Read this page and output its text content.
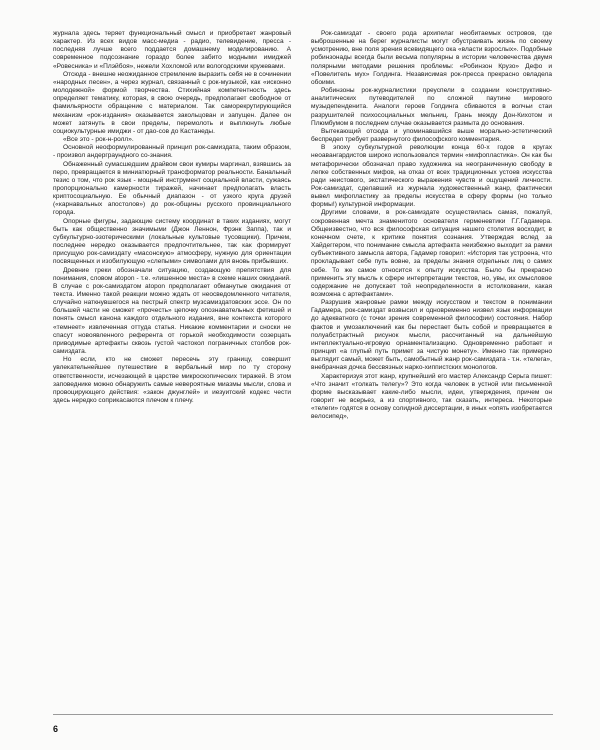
журнала здесь теряет функциональный смысл и приобретает жанровый характер. Из всех видов масс-медиа - радио, телевидение, пресса - последняя лучше всего поддается домашнему моделированию. А современное подсознание гораздо более забито модными имиджей «Ровесника» и «Плэйбоя», нежели Хохломой или вологодскими кружевами.

Отсюда - внешне неожиданное стремление выразить себя не в сочинении «народных песен», а через журнал, связанный с рок-музыкой, как «исконно молодежной» формой творчества. Стихийная компетентность здесь определяет тематику, которая, в свою очередь, предполагает свободное от фамильярности обращение с материалом. Так саморекрутирующийся механизм «рок-издания» оказывается закольцован и запущен. Далее он может затянуть в свои пределы, перемолоть и выплюнуть любые социокультурные имиджи - от дао-сов до Кастанеды.

«Все это - рок-н-ролл».

Основной неоформулированный принцип рок-самиздата, таким образом, - произвол андерграундного со-знания.

Обнаженный сумасшедшим драйвом свои кумиры маргинал, взявшись за перо, превращается в миниатюрный трансформатор реальности. Банальный тезис о том, что рок язык - мощный инструмент социальной власти, сужаясь пропорционально камерности тиражей, начинает предполагать власть криптосоциальную. Ее обычный диапазон - от узкого круга друзей («карнавальных апостолов») до рок-общины русского провинциального города.

Опорные фигуры, задающие систему координат в таких изданиях, могут быть как общественно значимыми (Джон Леннон, Фрэнк Заппа), так и субкультурно-эзотерическими (локальные культовые тусовщики). Причем, последнее нередко оказывается предпочтительнее, так как формирует присущую рок-самиздату «масонскую» атмосферу, нужную для ориентации посвященных и изобилующую «слепыми» символами для вновь прибывших.

Древние греки обозначали ситуацию, создающую препятствия для понимания, словом atopon - т.е. «лишенное места» в схеме наших ожиданий. В случае с рок-самиздатом atopon предполагает обманутые ожидания от текста. Именно такой реакции можно ждать от неосведомленного читателя, случайно наткнувшегося на пестрый спектр музсамиздатовских эссе. Он по большей части не сможет «прочесть» цепочку опознавательных фетишей и понять смысл канона каждого отдельного издания, вне контекста которого «темнеет» извлеченная оттуда статья. Никакие комментарии и сноски не спасут новоявленного референта от горькой необходимости созерцать приводимые артефакты сквозь густой частокол пограничных столбов рок-самиздата.

Но если, кто не сможет пересечь эту границу, совершит увлекательнейшее путешествие в вербальный мир по ту сторону ответственности, исчезающей в царстве микроскопических тиражей. В этом заповеднике можно обнаружить самые невероятные миазмы мысли, слова и провоцирующего действия: «закон джунглей» и иезуитский кодекс чести здесь нередко соприкасаются плечом к плечу.

Рок-самиздат - своего рода архипелаг необитаемых островов, где выброшенные на берег журналисты могут обустраивать жизнь по своему усмотрению, вне поля зрения всевидящего ока «власти взрослых». Подобные робинзонады всегда были весьма популярны в истории человечества двумя полярными методами решения проблемы: «Робинзон Крузо» Дефо и «Повелитель мух» Голдинга. Независимая рок-пресса прекрасно овладела обоими.

Робинзоны рок-журналистики преуспели в создании конструктивно-аналитических путеводителей по сложной паутине мирового музыдепенденита. Аналоги героев Голдинга сбиваются в волчьи стаи разрушителей психосоциальных мельниц. Грань между Дон-Кихотом и Плюмбумом в последнем случае оказывается размыта до основания.

Вытекающий отсюда и упоминавшийся выше морально-эстетический беспредел требует развернутого философского комментария.

В эпоху субкультурной революции конца 60-х годов в кругах неоавангардистов широко использовался термин «мифопластика». Он как бы метафорически обозначал право художника на неограниченную свободу в лепке собственных мифов, на отказ от всех традиционных устоев искусства ради неистового, экстатического выражения чувств и ощущений личности. Рок-самиздат, сделавший из журнала художественный жанр, фактически вывел мифопластику за пределы искусства в сферу формы (но только формы!) культурной информации.

Другими словами, в рок-самиздате осуществилась самая, пожалуй, сокровенная мечта знаменитого основателя герменевтики Г.Г.Гадамера. Общеизвестно, что вся философская ситуация нашего столетия восходит, в конечном счете, к критике понятия сознания. Утверждая вслед за Хайдеггером, что понимание смысла артефакта неизбежно выходит за рамки субъективного замысла автора, Гадамер говорил: «История так устроена, что прокладывает себе путь вовне, за пределы знания отдельных лиц о самих себе. То же самое относится к опыту искусства. Было бы прекрасно применить эту мысль к сфере интерпретации текстов, но, увы, их смысловое содержание не допускает той неопределенности в истолковании, какая возможна с артефактами».

Разрушив жанровые рамки между искусством и текстом в понимании Гадамера, рок-самиздат возвысил и одновременно низвел язык информации до адекватного (с точки зрения современной философии) состояния. Набор фактов и умозаключений как бы перестает быть собой и превращается в полуабстрактный рисунок мысли, рассчитанный на дальнейшую интеллектуально-игровую орнаментализацию. Одновременно работает и принцип «а глупый путь примет за чистую монету». Именно так примерно выглядит самый, может быть, самобытный жанр рок-самиздата - т.н. «телега», внебрачная дочка бессвязных нарко-хиппистских монологов.

Характеризуя этот жанр, крупнейший его мастер Александр Серьга пишет: «Что значит «толкать телегу»? Это когда человек в устной или письменной форме высказывает какие-либо мысли, идеи, утверждения, причем он говорит не всерьез, а из спортивного, так сказать, интереса. Некоторые «телеги» годятся в основу солидной диссертации, в иных «опять изобретается велосипед»,

6
